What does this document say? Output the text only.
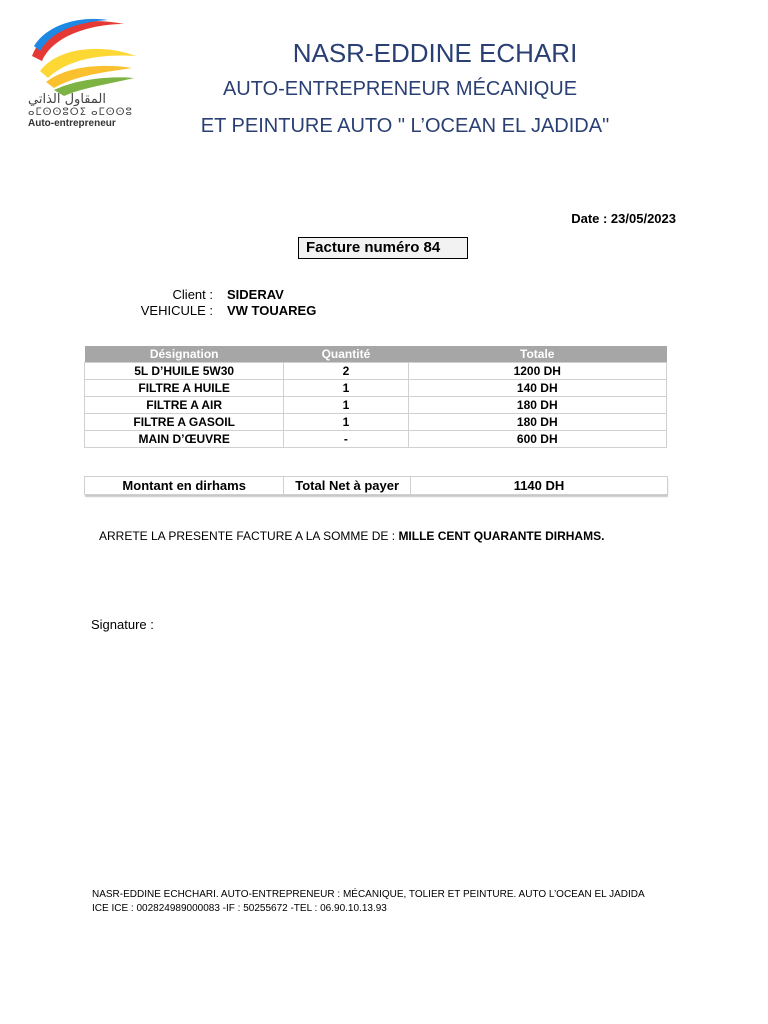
المقاول الذاتي
ⴰⵎⵙⵙⵓⵔⵉ ⴰⵎⵙⵙⵓ
Auto-entrepreneur
NASR-EDDINE ECHARI
AUTO-ENTREPRENEUR MÉCANIQUE
ET PEINTURE AUTO " L’OCEAN EL JADIDA"
Date : 23/05/2023
Facture numéro 84
Client : SIDERAV
VEHICULE : VW TOUAREG
Désignation	Quantité	Totale
5L D’HUILE 5W30	2	1200 DH
FILTRE A HUILE	1	140 DH
FILTRE A AIR	1	180 DH
FILTRE A GASOIL	1	180 DH
MAIN D’ŒUVRE	-	600 DH
Montant en dirhams	Total Net à payer	1140 DH
ARRETE LA PRESENTE FACTURE A LA SOMME DE : MILLE CENT QUARANTE DIRHAMS.
Signature :
NASR-EDDINE ECHCHARI. AUTO-ENTREPRENEUR : MÉCANIQUE, TOLIER ET PEINTURE. AUTO L’OCEAN EL JADIDA
ICE ICE : 002824989000083 -IF : 50255672 -TEL : 06.90.10.13.93
